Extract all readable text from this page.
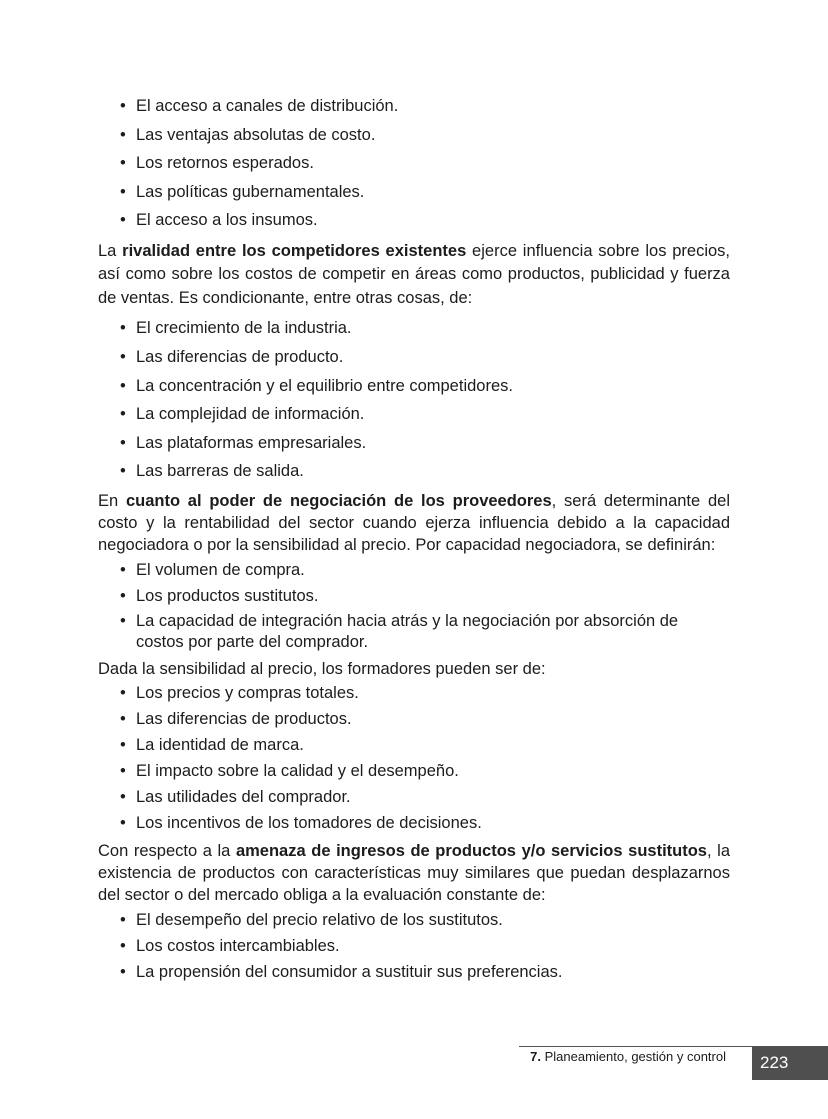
• El acceso a canales de distribución.
• Las ventajas absolutas de costo.
• Los retornos esperados.
• Las políticas gubernamentales.
• El acceso a los insumos.

La rivalidad entre los competidores existentes ejerce influencia sobre los precios, así como sobre los costos de competir en áreas como productos, publicidad y fuerza de ventas. Es condicionante, entre otras cosas, de:

• El crecimiento de la industria.
• Las diferencias de producto.
• La concentración y el equilibrio entre competidores.
• La complejidad de información.
• Las plataformas empresariales.
• Las barreras de salida.

En cuanto al poder de negociación de los proveedores, será determinante del costo y la rentabilidad del sector cuando ejerza influencia debido a la capacidad negociadora o por la sensibilidad al precio. Por capacidad negociadora, se definirán:

• El volumen de compra.
• Los productos sustitutos.
• La capacidad de integración hacia atrás y la negociación por absorción de costos por parte del comprador.

Dada la sensibilidad al precio, los formadores pueden ser de:

• Los precios y compras totales.
• Las diferencias de productos.
• La identidad de marca.
• El impacto sobre la calidad y el desempeño.
• Las utilidades del comprador.
• Los incentivos de los tomadores de decisiones.

Con respecto a la amenaza de ingresos de productos y/o servicios sustitutos, la existencia de productos con características muy similares que puedan desplazarnos del sector o del mercado obliga a la evaluación constante de:

• El desempeño del precio relativo de los sustitutos.
• Los costos intercambiables.
• La propensión del consumidor a sustituir sus preferencias.
7. Planeamiento, gestión y control	223
